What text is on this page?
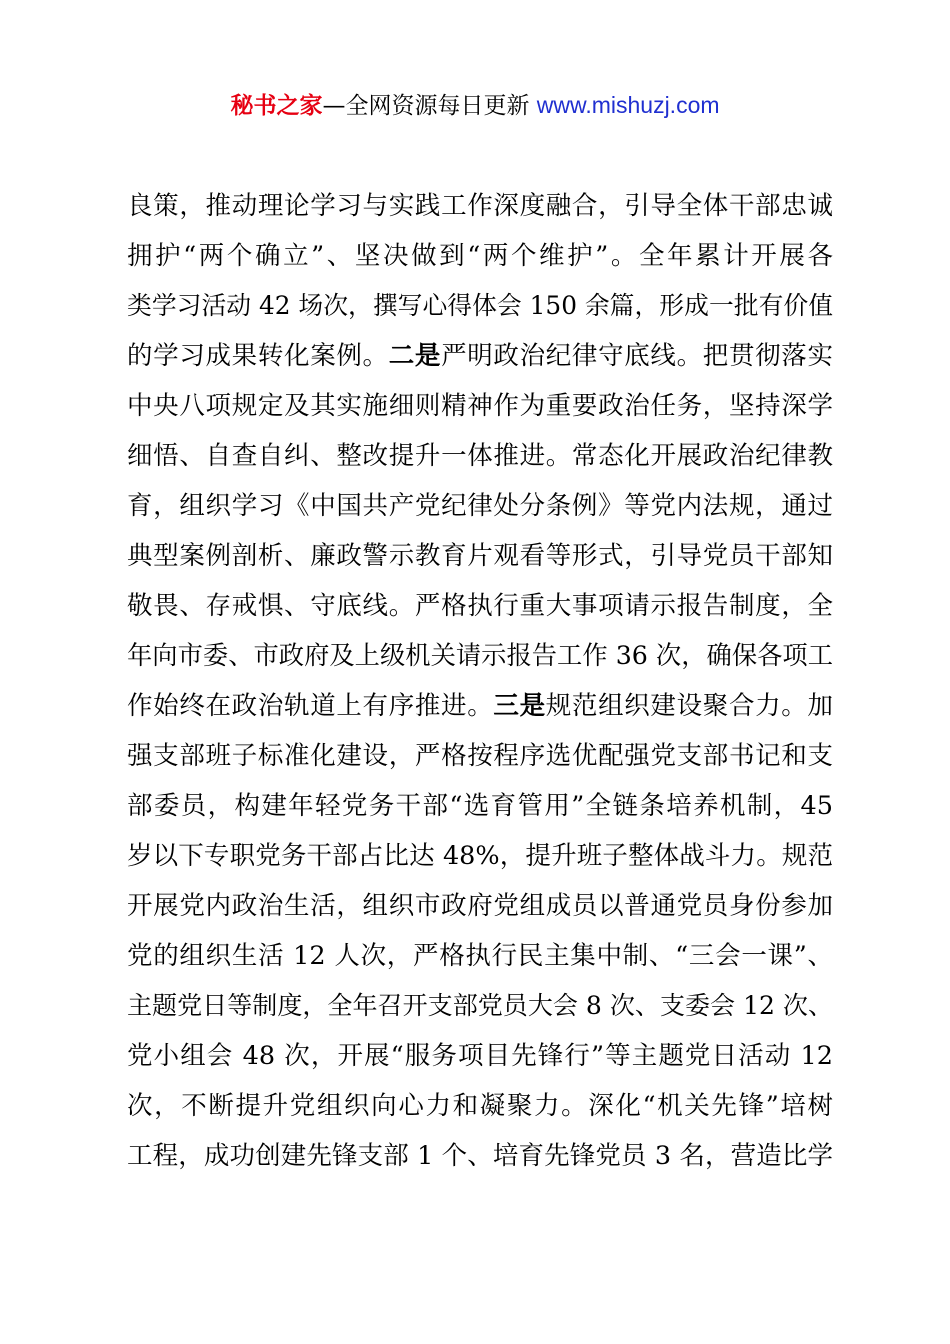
秘书之家—全网资源每日更新 www.mishuzj.com
良策，推动理论学习与实践工作深度融合，引导全体干部忠诚
拥护“两个确立”、坚决做到“两个维护”。全年累计开展各
类学习活动 42 场次，撰写心得体会 150 余篇，形成一批有价值
的学习成果转化案例。二是严明政治纪律守底线。把贯彻落实
中央八项规定及其实施细则精神作为重要政治任务，坚持深学
细悟、自查自纠、整改提升一体推进。常态化开展政治纪律教
育，组织学习《中国共产党纪律处分条例》等党内法规，通过
典型案例剖析、廉政警示教育片观看等形式，引导党员干部知
敬畏、存戒惧、守底线。严格执行重大事项请示报告制度，全
年向市委、市政府及上级机关请示报告工作 36 次，确保各项工
作始终在政治轨道上有序推进。三是规范组织建设聚合力。加
强支部班子标准化建设，严格按程序选优配强党支部书记和支
部委员，构建年轻党务干部“选育管用”全链条培养机制，45
岁以下专职党务干部占比达 48%，提升班子整体战斗力。规范
开展党内政治生活，组织市政府党组成员以普通党员身份参加
党的组织生活 12 人次，严格执行民主集中制、“三会一课”、
主题党日等制度，全年召开支部党员大会 8 次、支委会 12 次、
党小组会 48 次，开展“服务项目先锋行”等主题党日活动 12
次，不断提升党组织向心力和凝聚力。深化“机关先锋”培树
工程，成功创建先锋支部 1 个、培育先锋党员 3 名，营造比学
